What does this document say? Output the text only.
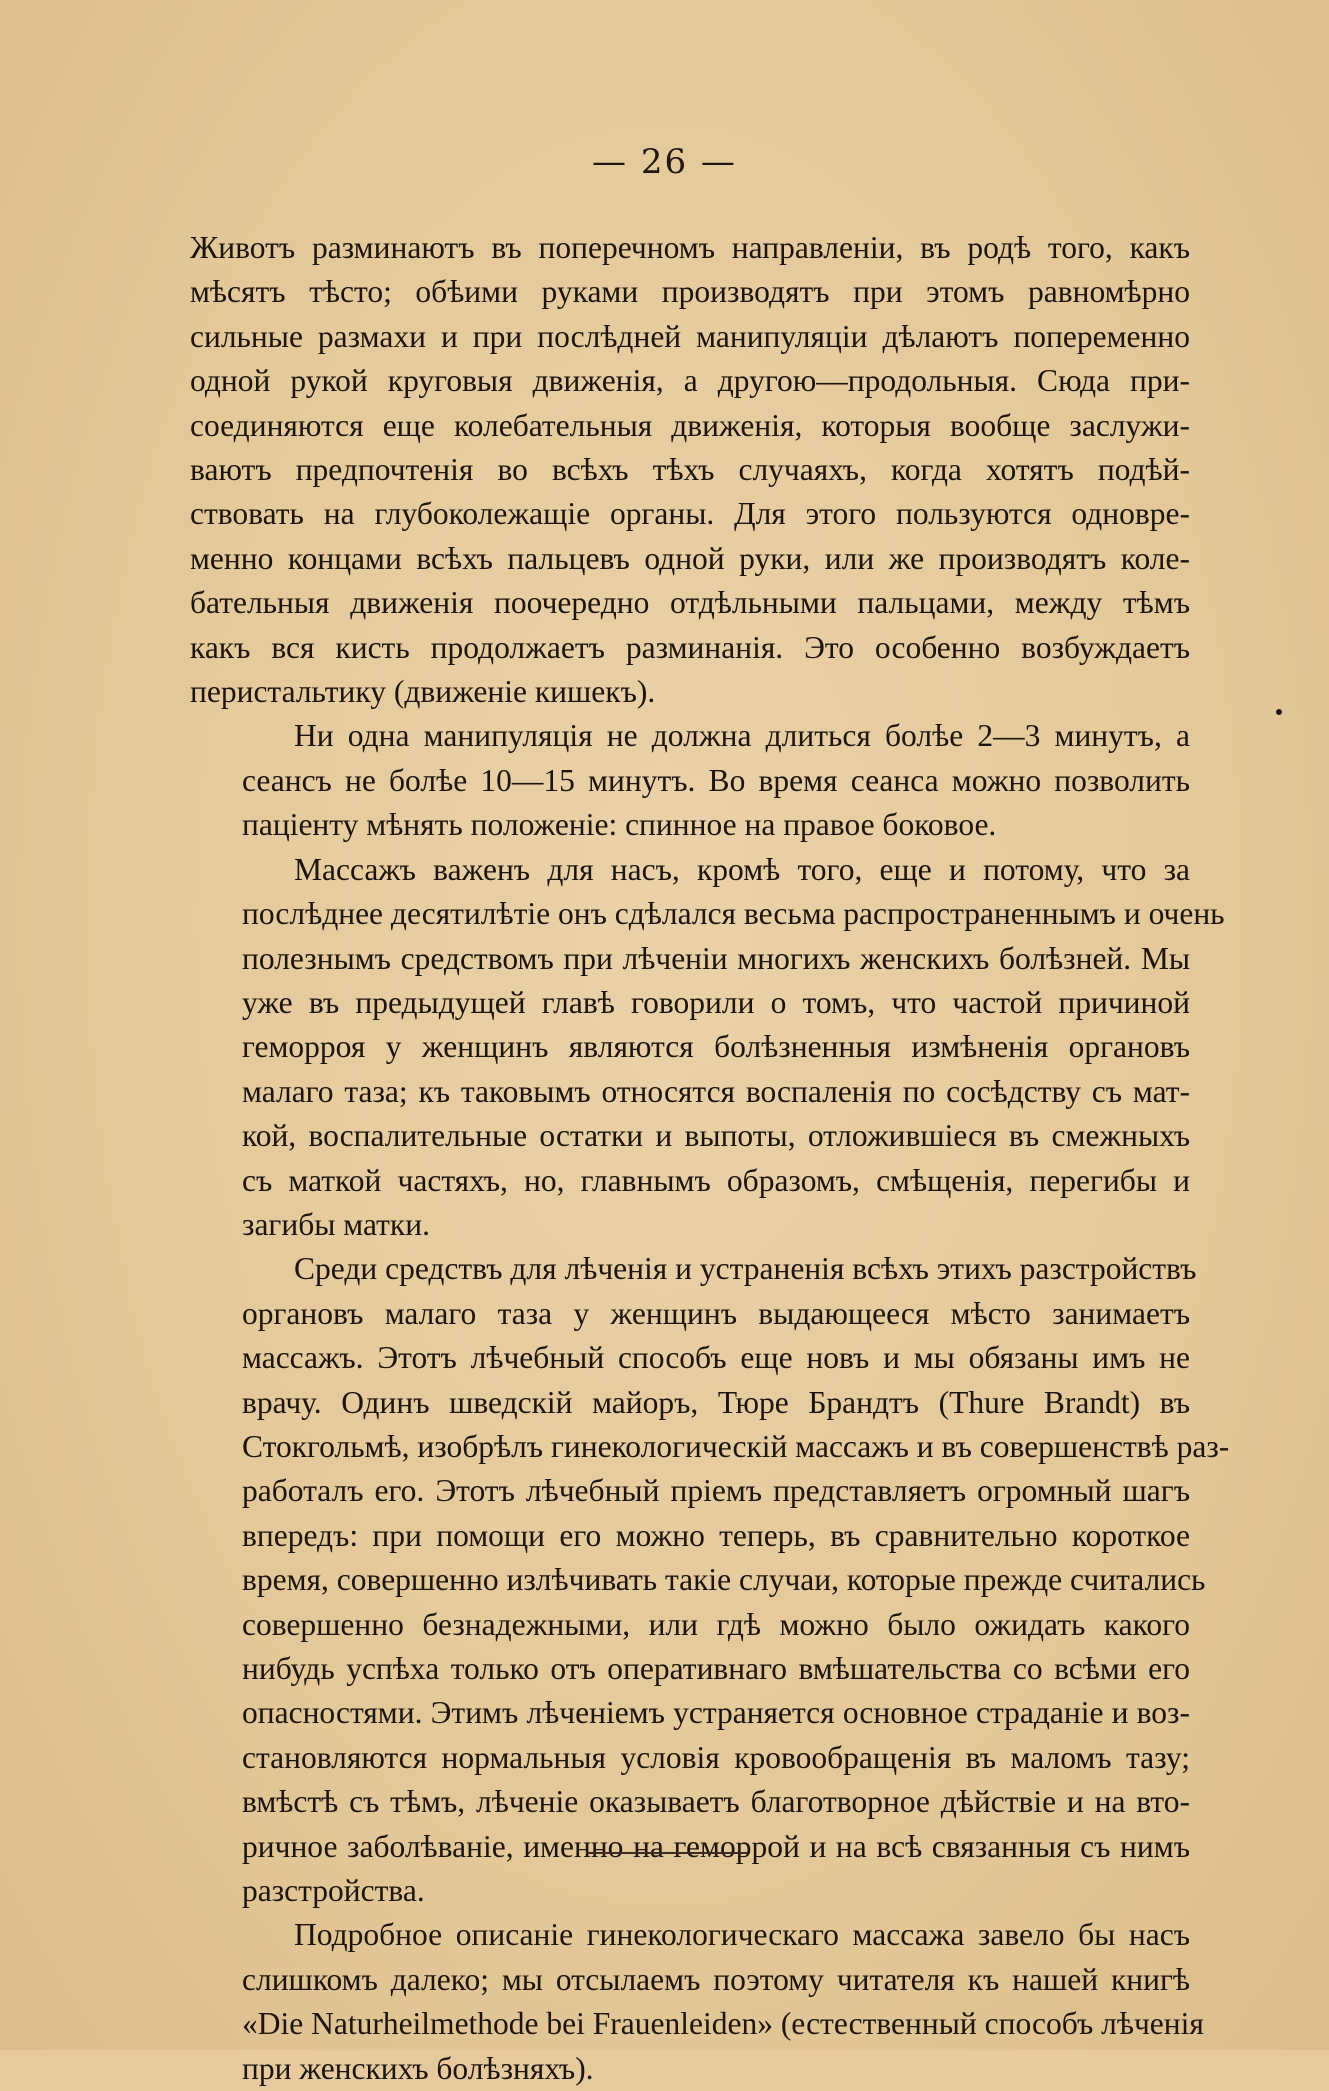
— 26 —
Животъ разминаютъ въ поперечномъ направленіи, въ родѣ того, какъ
мѣсятъ тѣсто; обѣими руками производятъ при этомъ равномѣрно
сильные размахи и при послѣдней манипуляціи дѣлаютъ попеременно
одной рукой круговыя движенія, а другою—продольныя. Сюда при-
соединяются еще колебательныя движенія, которыя вообще заслужи-
ваютъ предпочтенія во всѣхъ тѣхъ случаяхъ, когда хотятъ подѣй-
ствовать на глубоколежащіе органы. Для этого пользуются одновре-
менно концами всѣхъ пальцевъ одной руки, или же производятъ коле-
бательныя движенія поочередно отдѣльными пальцами, между тѣмъ
какъ вся кисть продолжаетъ разминанія. Это особенно возбуждаетъ
перистальтику (движеніе кишекъ).
Ни одна манипуляція не должна длиться болѣе 2—3 минутъ, а
сеансъ не болѣе 10—15 минутъ. Во время сеанса можно позволить
паціенту мѣнять положеніе: спинное на правое боковое.
Массажъ важенъ для насъ, кромѣ того, еще и потому, что за
послѣднее десятилѣтіе онъ сдѣлался весьма распространеннымъ и очень
полезнымъ средствомъ при лѣченіи многихъ женскихъ болѣзней. Мы
уже въ предыдущей главѣ говорили о томъ, что частой причиной
геморроя у женщинъ являются болѣзненныя измѣненія органовъ
малаго таза; къ таковымъ относятся воспаленія по сосѣдству съ мат-
кой, воспалительные остатки и выпоты, отложившіеся въ смежныхъ
съ маткой частяхъ, но, главнымъ образомъ, смѣщенія, перегибы и
загибы матки.
Среди средствъ для лѣченія и устраненія всѣхъ этихъ разстройствъ
органовъ малаго таза у женщинъ выдающееся мѣсто занимаетъ
массажъ. Этотъ лѣчебный способъ еще новъ и мы обязаны имъ не
врачу. Одинъ шведскій майоръ, Тюре Брандтъ (Thure Brandt) въ
Стокгольмѣ, изобрѣлъ гинекологическій массажъ и въ совершенствѣ раз-
работалъ его. Этотъ лѣчебный пріемъ представляетъ огромный шагъ
впередъ: при помощи его можно теперь, въ сравнительно короткое
время, совершенно излѣчивать такіе случаи, которые прежде считались
совершенно безнадежными, или гдѣ можно было ожидать какого
нибудь успѣха только отъ оперативнаго вмѣшательства со всѣми его
опасностями. Этимъ лѣченіемъ устраняется основное страданіе и воз-
становляются нормальныя условія кровообращенія въ маломъ тазу;
вмѣстѣ съ тѣмъ, лѣченіе оказываетъ благотворное дѣйствіе и на вто-
ричное заболѣваніе, именно на геморрой и на всѣ связанныя съ нимъ
разстройства.
Подробное описаніе гинекологическаго массажа завело бы насъ
слишкомъ далеко; мы отсылаемъ поэтому читателя къ нашей книгѣ
«Die Naturheilmethode bei Frauenleiden» (естественный способъ лѣченія
при женскихъ болѣзняхъ).
